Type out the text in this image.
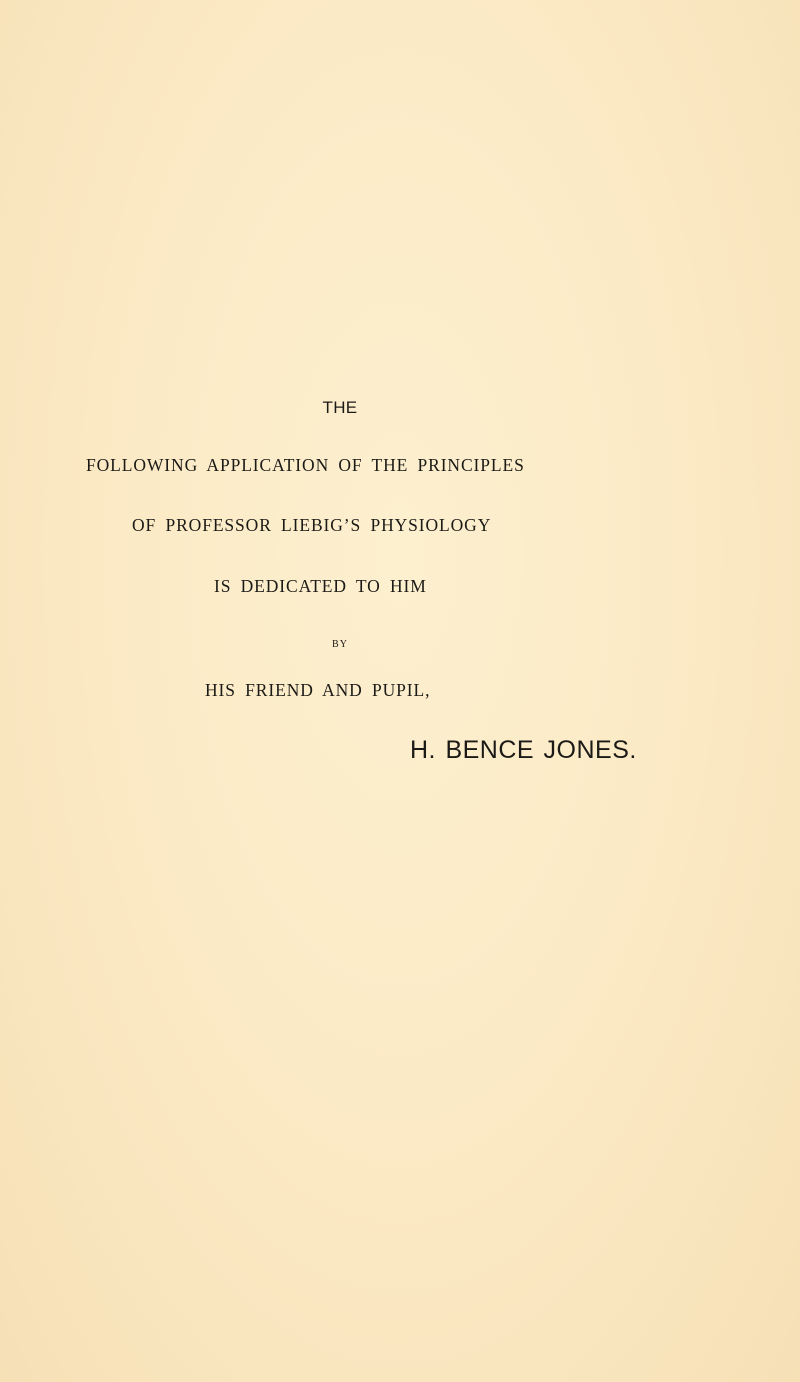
THE
FOLLOWING APPLICATION OF THE PRINCIPLES
OF PROFESSOR LIEBIG’S PHYSIOLOGY
IS DEDICATED TO HIM
BY
HIS FRIEND AND PUPIL,
H. BENCE JONES.
